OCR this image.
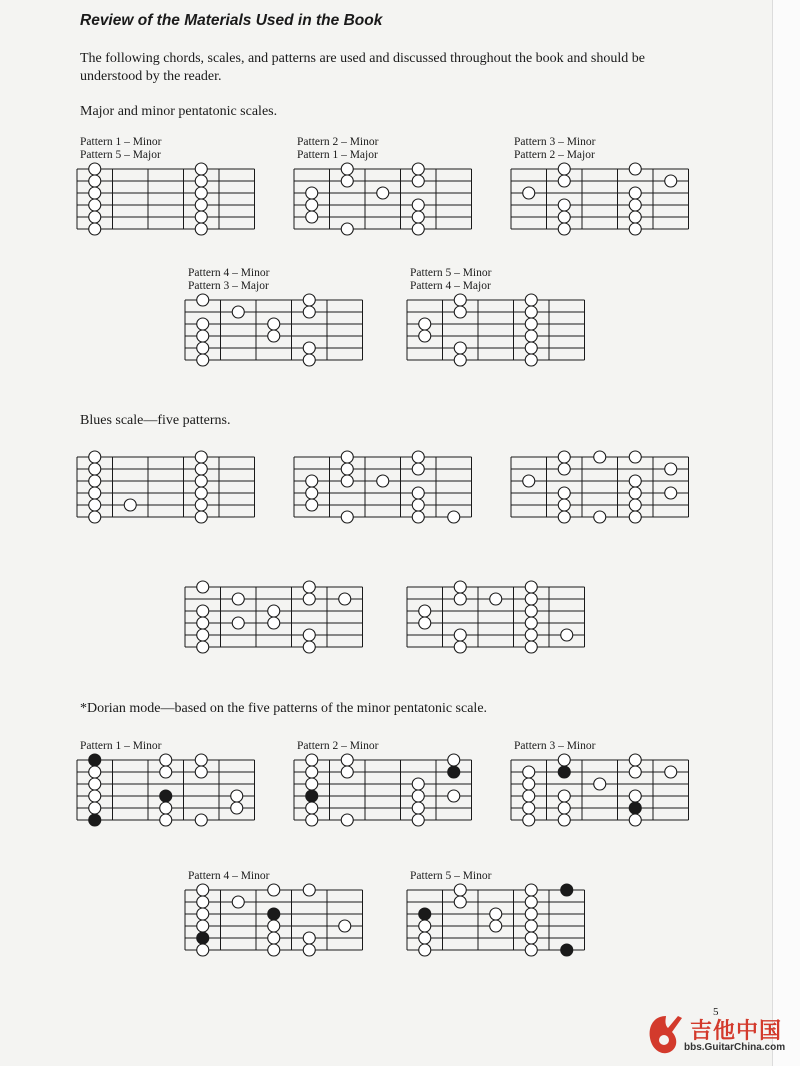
Review of the Materials Used in the Book
The following chords, scales, and patterns are used and discussed throughout the book and should be understood by the reader.
Major and minor pentatonic scales.
Blues scale—five patterns.
*Dorian mode—based on the five patterns of the minor pentatonic scale.
Pattern 1 – Minor
Pattern 5 – Major
Pattern 2 – Minor
Pattern 1 – Major
Pattern 3 – Minor
Pattern 2 – Major
Pattern 4 – Minor
Pattern 3 – Major
Pattern 5 – Minor
Pattern 4 – Major
Pattern 1 – Minor	Pattern 2 – Minor	Pattern 3 – Minor
Pattern 4 – Minor	Pattern 5 – Minor
5
吉他中国
bbs.GuitarChina.com
